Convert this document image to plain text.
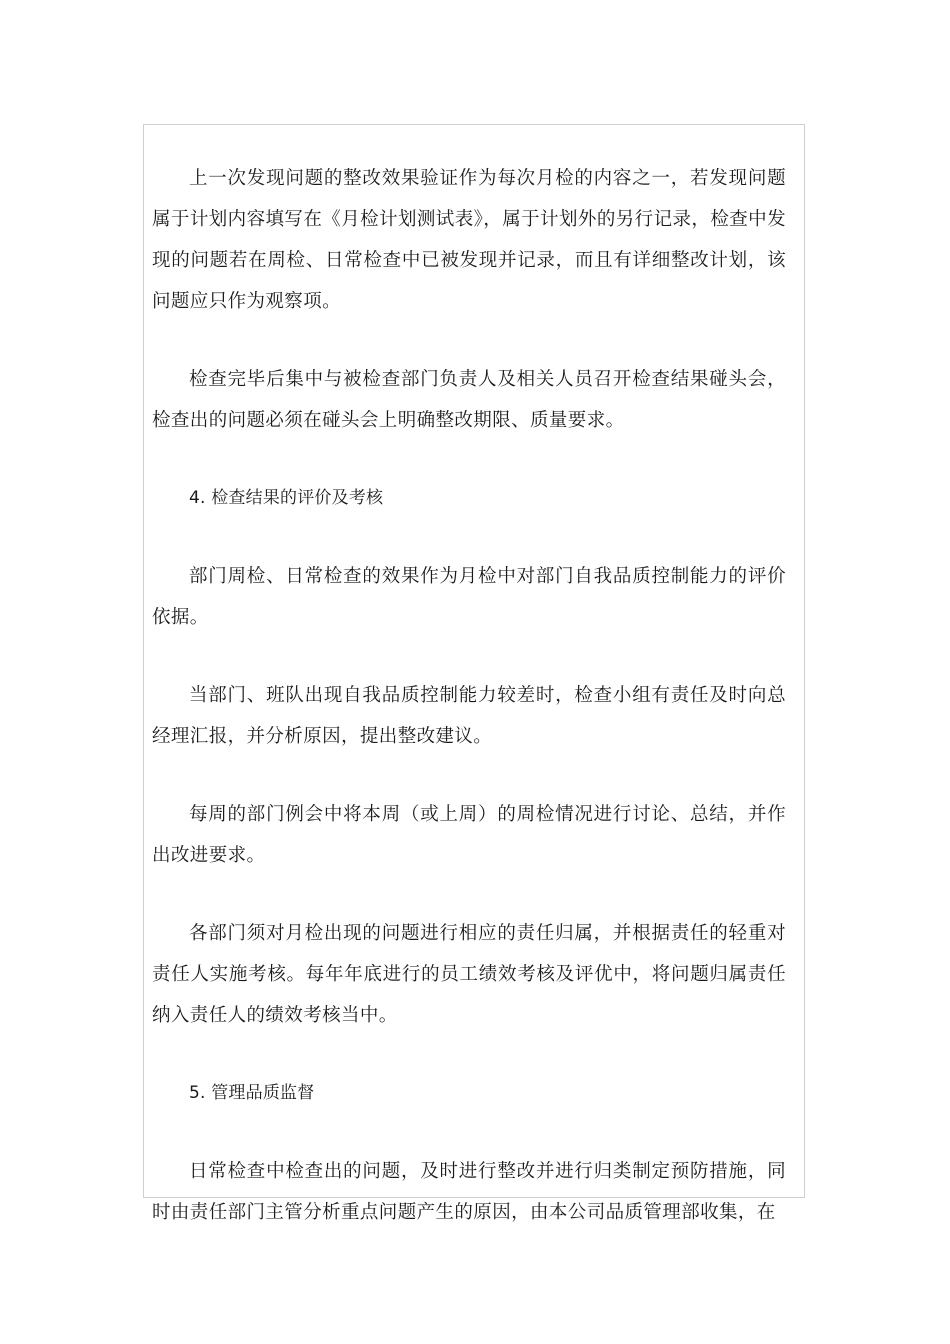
上一次发现问题的整改效果验证作为每次月检的内容之一，若发现问题属于计划内容填写在《月检计划测试表》，属于计划外的另行记录，检查中发现的问题若在周检、日常检查中已被发现并记录，而且有详细整改计划，该问题应只作为观察项。

检查完毕后集中与被检查部门负责人及相关人员召开检查结果碰头会，检查出的问题必须在碰头会上明确整改期限、质量要求。

4. 检查结果的评价及考核

部门周检、日常检查的效果作为月检中对部门自我品质控制能力的评价依据。

当部门、班队出现自我品质控制能力较差时，检查小组有责任及时向总经理汇报，并分析原因，提出整改建议。

每周的部门例会中将本周（或上周）的周检情况进行讨论、总结，并作出改进要求。

各部门须对月检出现的问题进行相应的责任归属，并根据责任的轻重对责任人实施考核。每年年底进行的员工绩效考核及评优中，将问题归属责任纳入责任人的绩效考核当中。

5. 管理品质监督

日常检查中检查出的问题，及时进行整改并进行归类制定预防措施，同时由责任部门主管分析重点问题产生的原因，由本公司品质管理部收集，在
